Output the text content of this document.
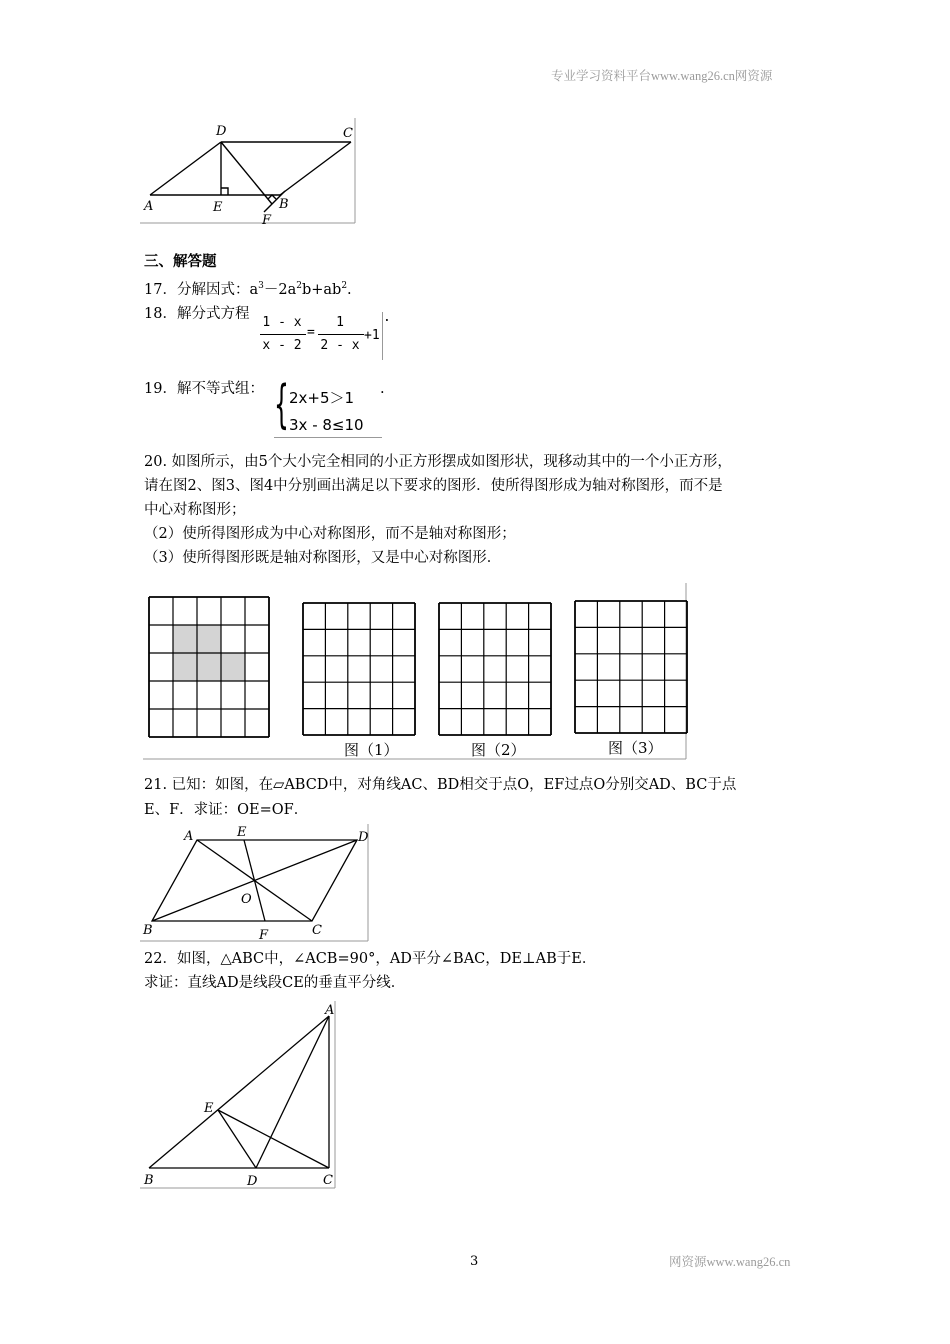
专业学习资料平台www.wang26.cn网资源
3	网资源www.wang26.cn
D	C
A	E	B
F
三、解答题
17．分解因式：$a^3-2a^2b+ab^2$.
18．解分式方程
1 - x
x - 2
=
1
2 - x
+1
.
19．解不等式组： { 2x+5＞1
3x - 8≤10
.
20. 如图所示，由5个大小完全相同的小正方形摆成如图形状，现移动其中的一个小正方形，
请在图2、图3、图4中分别画出满足以下要求的图形．使所得图形成为轴对称图形，而不是
中心对称图形；
（2）使所得图形成为中心对称图形，而不是轴对称图形；
（3）使所得图形既是轴对称图形，又是中心对称图形．
图（1）	图（2）	图（3）
21. 已知：如图，在▱ABCD中，对角线AC、BD相交于点O，EF过点O分别交AD、BC于点
E、F．求证：OE=OF．
A	E	D
O
B	F	C
22．如图，△ABC中，∠ACB=90°，AD平分∠BAC，DE⊥AB于E．
求证：直线AD是线段CE的垂直平分线．
A
E
B	D	C
